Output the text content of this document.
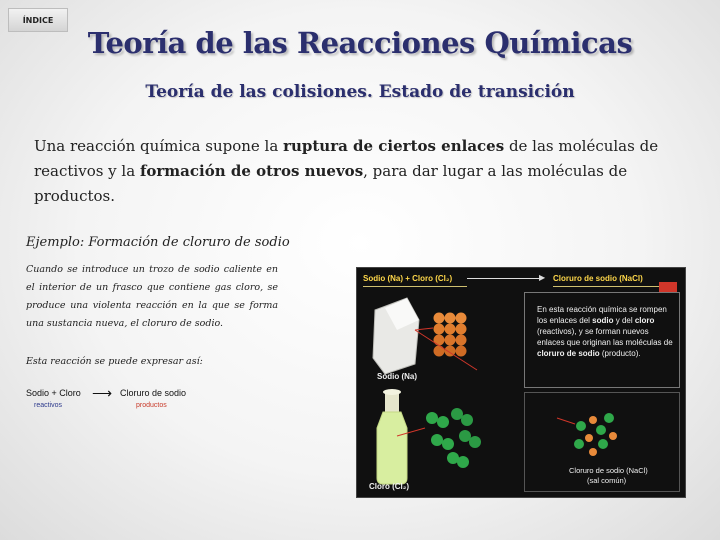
ÍNDICE
Teoría de las Reacciones Químicas
Teoría de las colisiones. Estado de transición
Una reacción química supone la ruptura de ciertos enlaces de las moléculas de reactivos y la formación de otros nuevos, para dar lugar a las moléculas de productos.
Ejemplo: Formación de cloruro de sodio
Cuando se introduce un trozo de sodio caliente en el interior de un frasco que contiene gas cloro, se produce una violenta reacción en la que se forma una sustancia nueva, el cloruro de sodio.
Esta reacción se puede expresar así:
Sodio + Cloro ⟶ Cloruro de sodio
reactivos	productos
Sodio (Na) + Cloro (Cl₂)	▶ Cloruro de sodio (NaCl)
En esta reacción química se rompen los enlaces del sodio y del cloro (reactivos), y se forman nuevos enlaces que originan las moléculas de cloruro de sodio (producto).
Sodio (Na)
Cloro (Cl₂)
Cloruro de sodio (NaCl)
(sal común)
